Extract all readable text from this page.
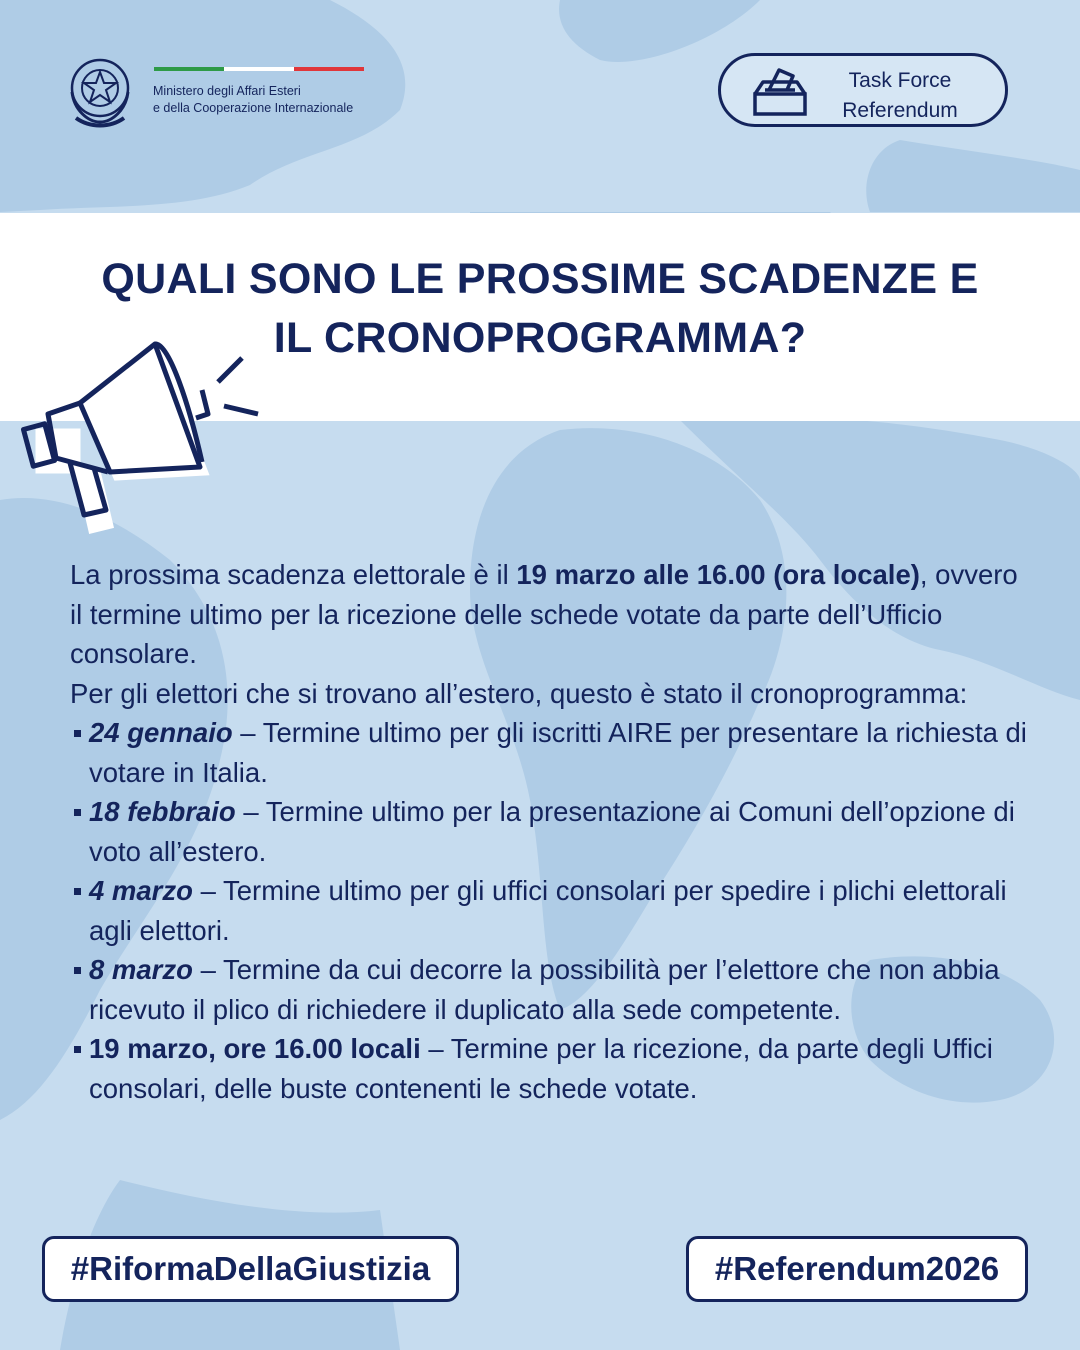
Ministero degli Affari Esteri
e della Cooperazione Internazionale
Task Force
Referendum
QUALI SONO LE PROSSIME SCADENZE E
IL CRONOPROGRAMMA?

La prossima scadenza elettorale è il 19 marzo alle 16.00 (ora locale), ovvero il termine ultimo per la ricezione delle schede votate da parte dell’Ufficio consolare.

Per gli elettori che si trovano all’estero, questo è stato il cronoprogramma:

24 gennaio – Termine ultimo per gli iscritti AIRE per presentare la richiesta di votare in Italia.
18 febbraio – Termine ultimo per la presentazione ai Comuni dell’opzione di voto all’estero.
4 marzo – Termine ultimo per gli uffici consolari per spedire i plichi elettorali agli elettori.
8 marzo – Termine da cui decorre la possibilità per l’elettore che non abbia ricevuto il plico di richiedere il duplicato alla sede competente.
19 marzo, ore 16.00 locali – Termine per la ricezione, da parte degli Uffici consolari, delle buste contenenti le schede votate.
#RiformaDellaGiustizia	#Referendum2026
